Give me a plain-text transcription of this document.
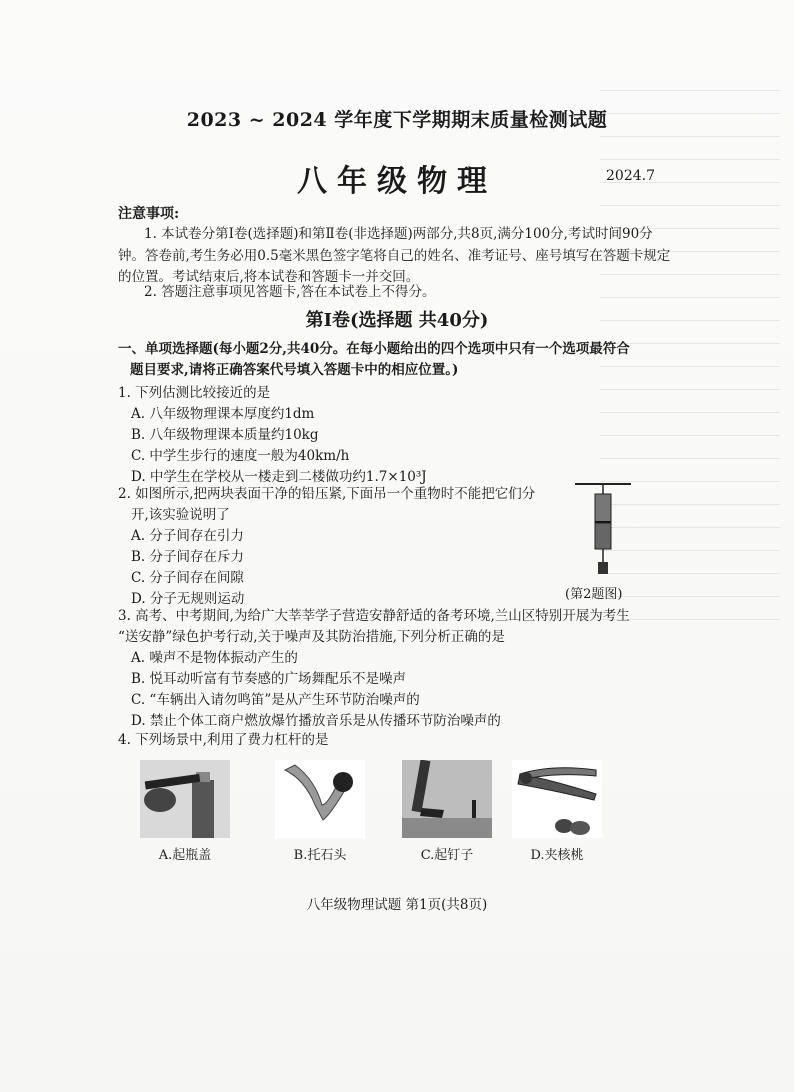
2023 ~ 2024 学年度下学期期末质量检测试题
八年级物理	2024.7
注意事项:
1. 本试卷分第Ⅰ卷(选择题)和第Ⅱ卷(非选择题)两部分,共8页,满分100分,考试时间90分钟。答卷前,考生务必用0.5毫米黑色签字笔将自己的姓名、准考证号、座号填写在答题卡规定的位置。考试结束后,将本试卷和答题卡一并交回。
2. 答题注意事项见答题卡,答在本试卷上不得分。
第Ⅰ卷(选择题 共40分)
一、单项选择题(每小题2分,共40分。在每小题给出的四个选项中只有一个选项最符合
题目要求,请将正确答案代号填入答题卡中的相应位置。)
1. 下列估测比较接近的是
A. 八年级物理课本厚度约1dm
B. 八年级物理课本质量约10kg
C. 中学生步行的速度一般为40km/h
D. 中学生在学校从一楼走到二楼做功约1.7×10³J
2. 如图所示,把两块表面干净的铅压紧,下面吊一个重物时不能把它们分

开,该实验说明了
A. 分子间存在引力
B. 分子间存在斥力
C. 分子间存在间隙
D. 分子无规则运动	(第2题图)
3. 高考、中考期间,为给广大莘莘学子营造安静舒适的备考环境,兰山区特别开展为考生
“送安静”绿色护考行动,关于噪声及其防治措施,下列分析正确的是
A. 噪声不是物体振动产生的
B. 悦耳动听富有节奏感的广场舞配乐不是噪声
C. “车辆出入请勿鸣笛”是从产生环节防治噪声的
D. 禁止个体工商户燃放爆竹播放音乐是从传播环节防治噪声的
4. 下列场景中,利用了费力杠杆的是
A.起瓶盖	B.托石头	C.起钉子	D.夹核桃
八年级物理试题 第1页(共8页)
